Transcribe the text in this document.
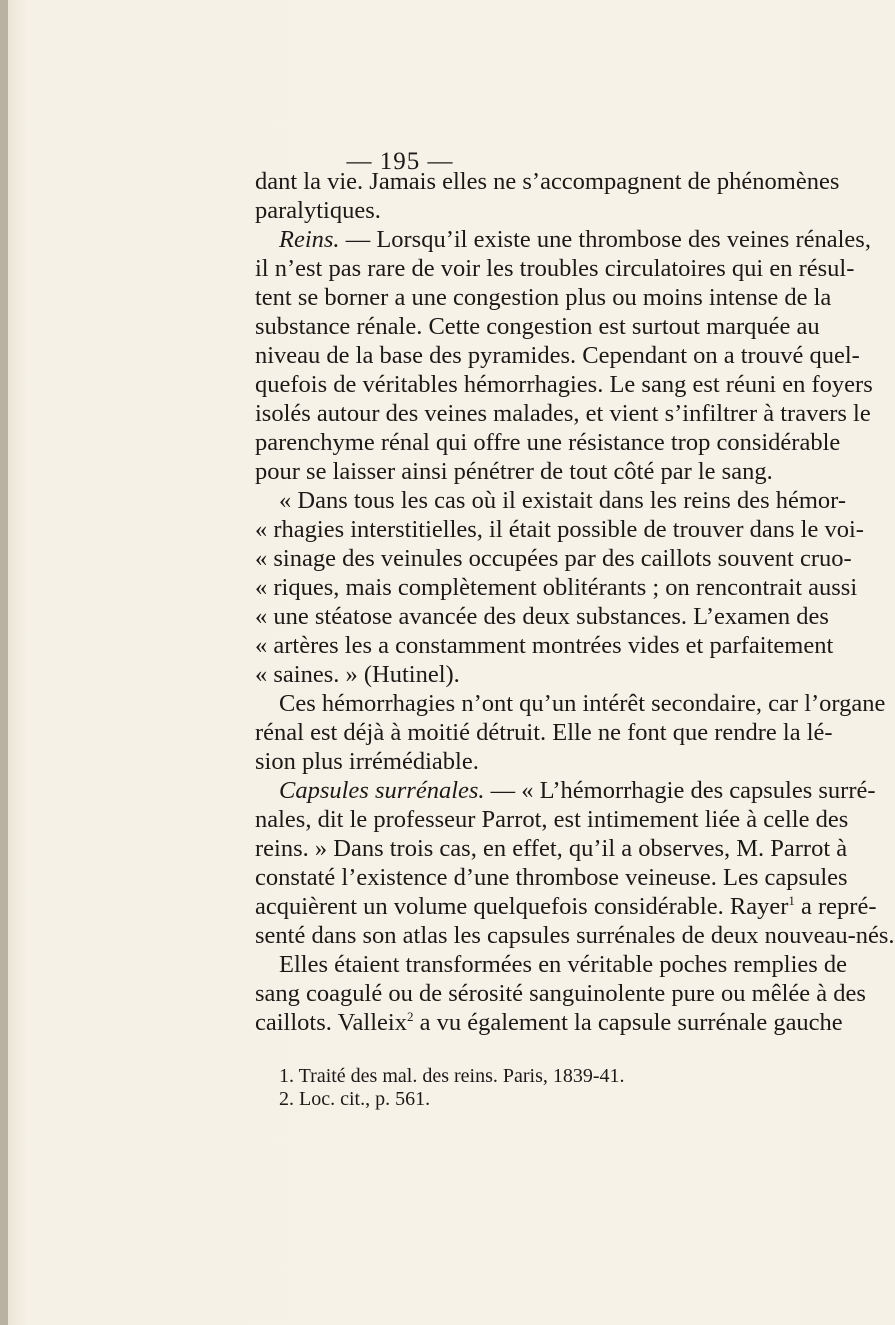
— 195 —
dant la vie. Jamais elles ne s’accompagnent de phénomènes
paralytiques.
Reins. — Lorsqu’il existe une thrombose des veines rénales,
il n’est pas rare de voir les troubles circulatoires qui en résul-
tent se borner a une congestion plus ou moins intense de la
substance rénale. Cette congestion est surtout marquée au
niveau de la base des pyramides. Cependant on a trouvé quel-
quefois de véritables hémorrhagies. Le sang est réuni en foyers
isolés autour des veines malades, et vient s’infiltrer à travers le
parenchyme rénal qui offre une résistance trop considérable
pour se laisser ainsi pénétrer de tout côté par le sang.
« Dans tous les cas où il existait dans les reins des hémor-
« rhagies interstitielles, il était possible de trouver dans le voi-
« sinage des veinules occupées par des caillots souvent cruo-
« riques, mais complètement oblitérants ; on rencontrait aussi
« une stéatose avancée des deux substances. L’examen des
« artères les a constamment montrées vides et parfaitement
« saines. » (Hutinel).
Ces hémorrhagies n’ont qu’un intérêt secondaire, car l’organe
rénal est déjà à moitié détruit. Elle ne font que rendre la lé-
sion plus irrémédiable.
Capsules surrénales. — « L’hémorrhagie des capsules surré-
nales, dit le professeur Parrot, est intimement liée à celle des
reins. » Dans trois cas, en effet, qu’il a observes, M. Parrot à
constaté l’existence d’une thrombose veineuse. Les capsules
acquièrent un volume quelquefois considérable. Rayer$^1$ a repré-
senté dans son atlas les capsules surrénales de deux nouveau-nés.
Elles étaient transformées en véritable poches remplies de
sang coagulé ou de sérosité sanguinolente pure ou mêlée à des
caillots. Valleix$^2$ a vu également la capsule surrénale gauche
1. Traité des mal. des reins. Paris, 1839-41.
2. Loc. cit., p. 561.
